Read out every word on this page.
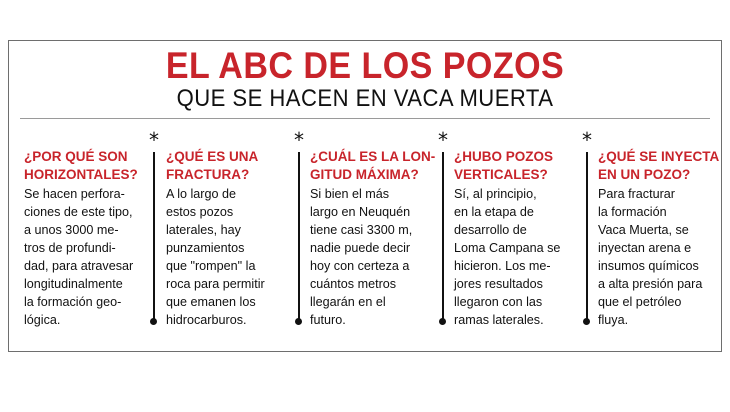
EL ABC DE LOS POZOS
QUE SE HACEN EN VACA MUERTA
¿POR QUÉ SON
HORIZONTALES?
Se hacen perfora-
ciones de este tipo,
a unos 3000 me-
tros de profundi-
dad, para atravesar
longitudinalmente
la formación geo-
lógica.
*
¿QUÉ ES UNA
FRACTURA?
A lo largo de
estos pozos
laterales, hay
punzamientos
que "rompen" la
roca para permitir
que emanen los
hidrocarburos.
*
¿CUÁL ES LA LON-
GITUD MÁXIMA?
Si bien el más
largo en Neuquén
tiene casi 3300 m,
nadie puede decir
hoy con certeza a
cuántos metros
llegarán en el
futuro.
*
¿HUBO POZOS
VERTICALES?
Sí, al principio,
en la etapa de
desarrollo de
Loma Campana se
hicieron. Los me-
jores resultados
llegaron con las
ramas laterales.
*
¿QUÉ SE INYECTA
EN UN POZO?
Para fracturar
la formación
Vaca Muerta, se
inyectan arena e
insumos químicos
a alta presión para
que el petróleo
fluya.
